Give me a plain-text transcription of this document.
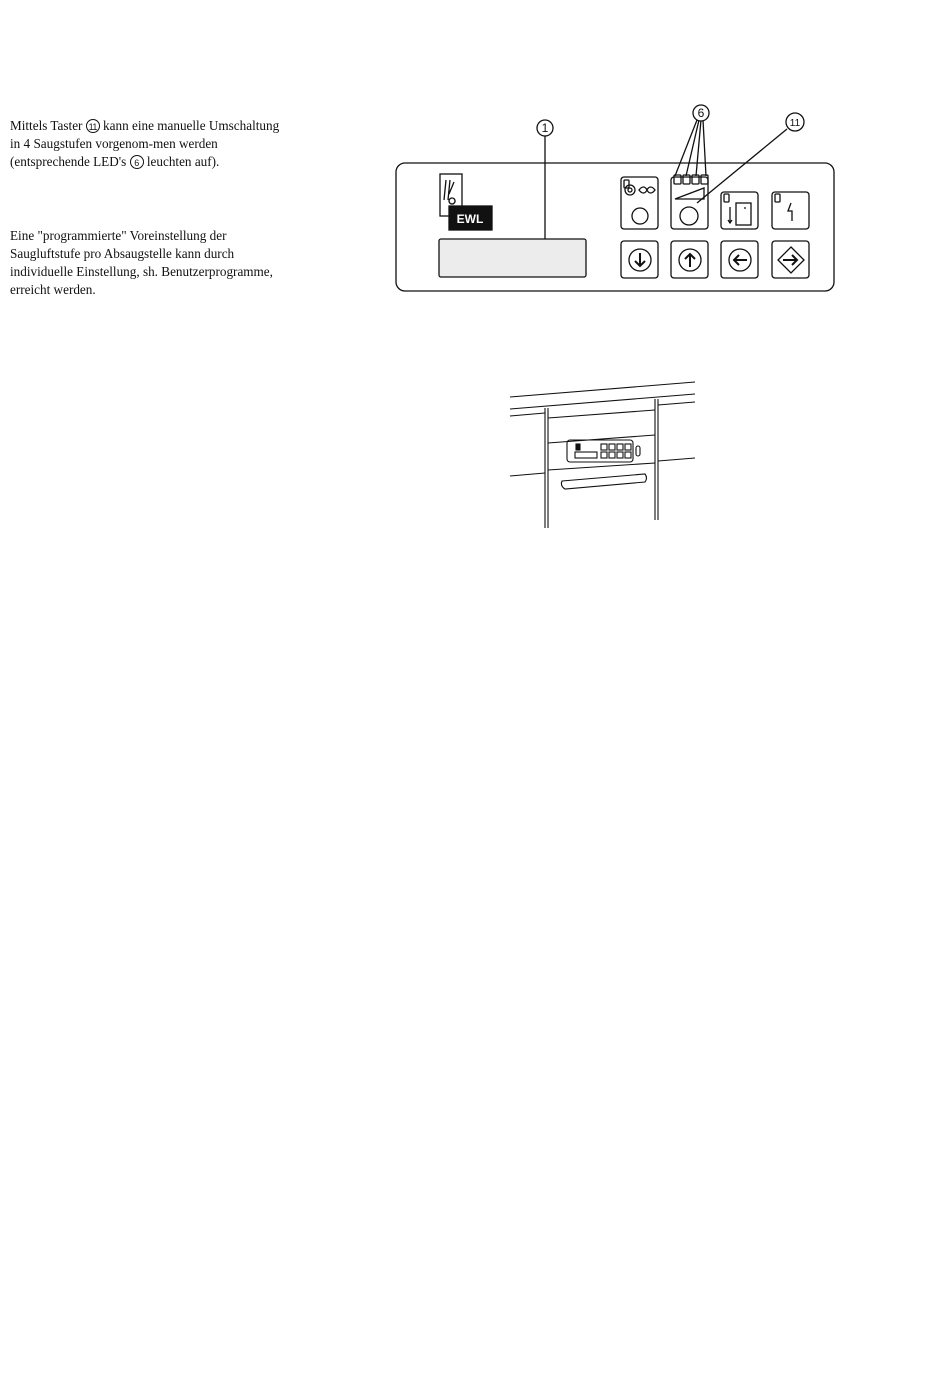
Mittels Taster 11 kann eine manuelle Umschaltung in 4 Saugstufen vorgenom-men werden (entsprechende LED's 6 leuchten auf).
Eine "programmierte" Voreinstellung der Saugluftstufe pro Absaugstelle kann durch individuelle Einstellung, sh. Benutzerprogramme, erreicht werden.
1
6
11
EWL
